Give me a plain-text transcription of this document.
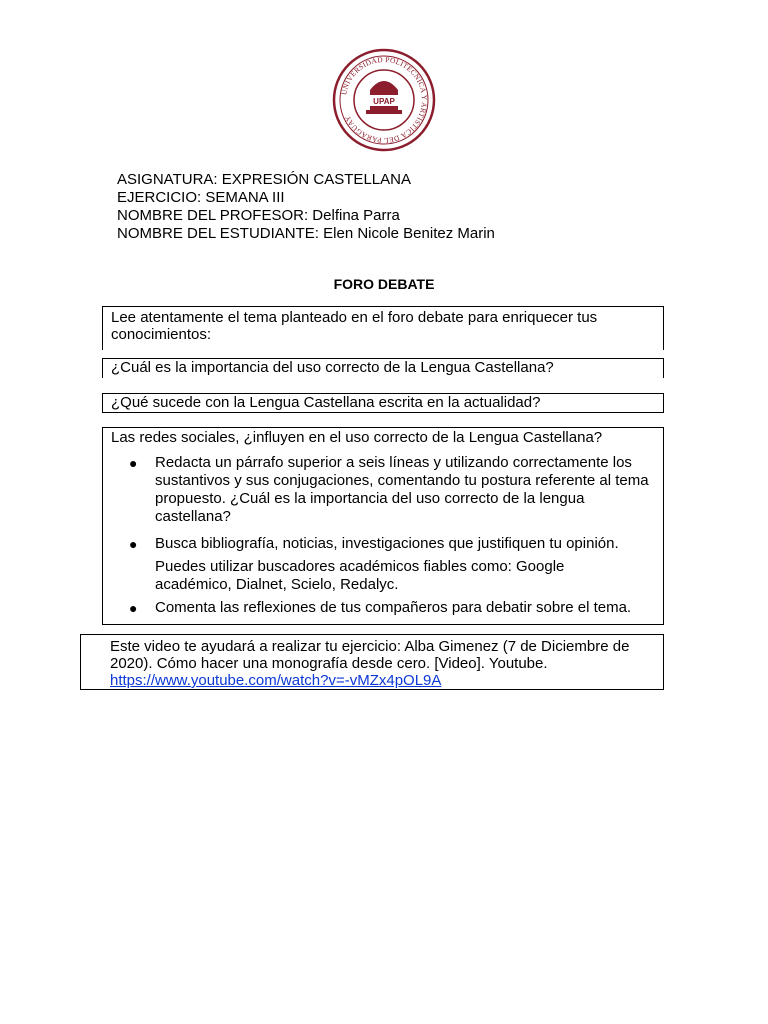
UNIVERSIDAD POLITÉCNICA Y ARTÍSTICA DEL PARAGUAY
UPAP
ASIGNATURA: EXPRESIÓN CASTELLANA
EJERCICIO: SEMANA III
NOMBRE DEL PROFESOR: Delfina Parra
NOMBRE DEL ESTUDIANTE: Elen Nicole Benitez Marin
FORO DEBATE

Lee atentamente el tema planteado en el foro debate para enriquecer tus conocimientos:

¿Cuál es la importancia del uso correcto de la Lengua Castellana?

¿Qué sucede con la Lengua Castellana escrita en la actualidad?

Las redes sociales, ¿influyen en el uso correcto de la Lengua Castellana?
● Redacta un párrafo superior a seis líneas y utilizando correctamente los sustantivos y sus conjugaciones, comentando tu postura referente al tema propuesto. ¿Cuál es la importancia del uso correcto de la lengua castellana?
● Busca bibliografía, noticias, investigaciones que justifiquen tu opinión.
Puedes utilizar buscadores académicos fiables como: Google académico, Dialnet, Scielo, Redalyc.
● Comenta las reflexiones de tus compañeros para debatir sobre el tema.
Este video te ayudará a realizar tu ejercicio: Alba Gimenez (7 de Diciembre de 2020). Cómo hacer una monografía desde cero. [Video]. Youtube.
https://www.youtube.com/watch?v=-vMZx4pOL9A
